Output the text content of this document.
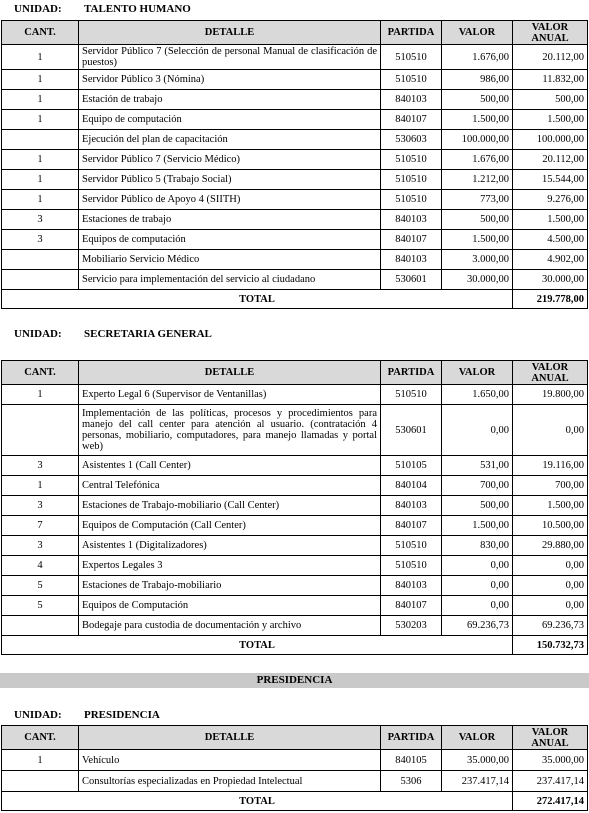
UNIDAD: TALENTO HUMANO
CANT.	DETALLE	PARTIDA	VALOR	VALOR ANUAL
1	Servidor Público 7 (Selección de personal Manual de clasificación de puestos)	510510	1.676,00	20.112,00
1	Servidor Público 3 (Nómina)	510510	986,00	11.832,00
1	Estación de trabajo	840103	500,00	500,00
1	Equipo de computación	840107	1.500,00	1.500,00
	Ejecución del plan de capacitación	530603	100.000,00	100.000,00
1	Servidor Público 7 (Servicio Médico)	510510	1.676,00	20.112,00
1	Servidor Público 5 (Trabajo Social)	510510	1.212,00	15.544,00
1	Servidor Público de Apoyo 4 (SIITH)	510510	773,00	9.276,00
3	Estaciones de trabajo	840103	500,00	1.500,00
3	Equipos de computación	840107	1.500,00	4.500,00
	Mobiliario Servicio Médico	840103	3.000,00	4.902,00
	Servicio para implementación del servicio al ciudadano	530601	30.000,00	30.000,00
TOTAL				219.778,00
UNIDAD: SECRETARIA GENERAL
CANT.	DETALLE	PARTIDA	VALOR	VALOR ANUAL
1	Experto Legal 6 (Supervisor de Ventanillas)	510510	1.650,00	19.800,00
	Implementación de las políticas, procesos y procedimientos para manejo del call center para atención al usuario. (contratación 4 personas, mobiliario, computadores, para manejo llamadas y portal web)	530601	0,00	0,00
3	Asistentes 1 (Call Center)	510105	531,00	19.116,00
1	Central Telefónica	840104	700,00	700,00
3	Estaciones de Trabajo-mobiliario (Call Center)	840103	500,00	1.500,00
7	Equipos de Computación (Call Center)	840107	1.500,00	10.500,00
3	Asistentes 1 (Digitalizadores)	510510	830,00	29.880,00
4	Expertos Legales 3	510510	0,00	0,00
5	Estaciones de Trabajo-mobiliario	840103	0,00	0,00
5	Equipos de Computación	840107	0,00	0,00
	Bodegaje para custodia de documentación y archivo	530203	69.236,73	69.236,73
TOTAL				150.732,73
PRESIDENCIA
UNIDAD: PRESIDENCIA
CANT.	DETALLE	PARTIDA	VALOR	VALOR ANUAL
1	Vehículo	840105	35.000,00	35.000,00
	Consultorías especializadas en Propiedad Intelectual	5306	237.417,14	237.417,14
TOTAL				272.417,14
